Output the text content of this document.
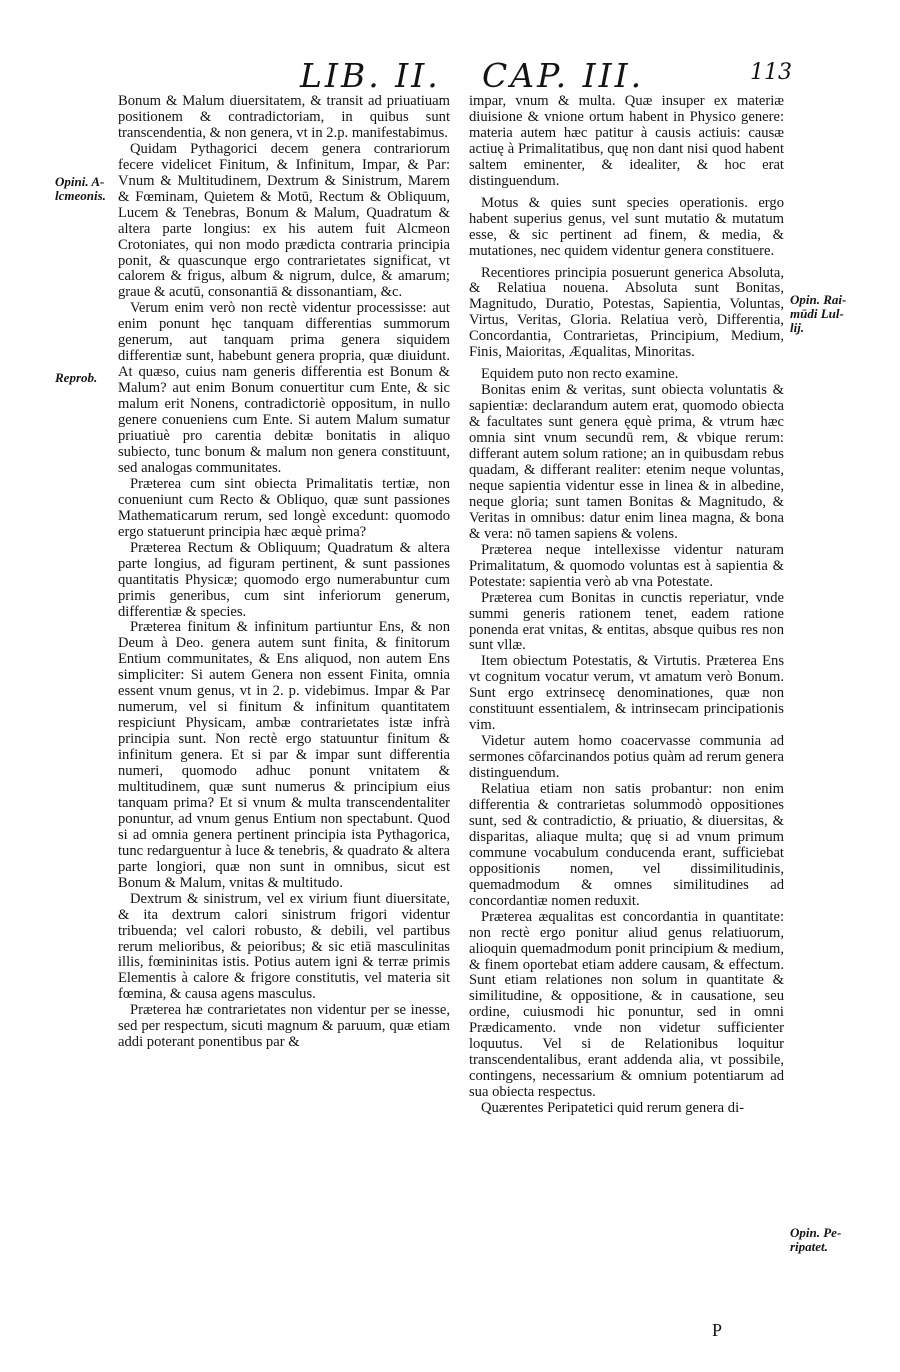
LIB. II. CAP. III.	113
Opini. A-
lcmeonis.
Reprob.
Opin. Rai-
mūdi Lul-
lij.
Opin. Pe-
ripatet.

Bonum & Malum diuersitatem, & transit ad priuatiuam positionem & contradictoriam, in quibus sunt transcendentia, & non genera, vt in 2.p. manifestabimus.

Quidam Pythagorici decem genera contrariorum fecere videlicet Finitum, & Infinitum, Impar, & Par: Vnum & Multitudinem, Dextrum & Sinistrum, Marem & Fœminam, Quietem & Motū, Rectum & Obliquum, Lucem & Tenebras, Bonum & Malum, Quadratum & altera parte longius: ex his autem fuit Alcmeon Crotoniates, qui non modo prædicta contraria principia ponit, & quascunque ergo contrarietates significat, vt calorem & frigus, album & nigrum, dulce, & amarum; graue & acutū, consonantiā & dissonantiam, &c.

Verum enim verò non rectè videntur processisse: aut enim ponunt hęc tanquam differentias summorum generum, aut tanquam prima genera siquidem differentiæ sunt, habebunt genera propria, quæ diuidunt. At quæso, cuius nam generis differentia est Bonum & Malum? aut enim Bonum conuertitur cum Ente, & sic malum erit Nonens, contradictoriè oppositum, in nullo genere conueniens cum Ente. Si autem Malum sumatur priuatiuè pro carentia debitæ bonitatis in aliquo subiecto, tunc bonum & malum non genera constituunt, sed analogas communitates.

Præterea cum sint obiecta Primalitatis tertiæ, non conueniunt cum Recto & Obliquo, quæ sunt passiones Mathematicarum rerum, sed longè excedunt: quomodo ergo statuerunt principia hæc æquè prima?

Præterea Rectum & Obliquum; Quadratum & altera parte longius, ad figuram pertinent, & sunt passiones quantitatis Physicæ; quomodo ergo numerabuntur cum primis generibus, cum sint inferiorum generum, differentiæ & species.

Præterea finitum & infinitum partiuntur Ens, & non Deum à Deo. genera autem sunt finita, & finitorum Entium communitates, & Ens aliquod, non autem Ens simpliciter: Si autem Genera non essent Finita, omnia essent vnum genus, vt in 2. p. videbimus. Impar & Par numerum, vel si finitum & infinitum quantitatem respiciunt Physicam, ambæ contrarietates istæ infrà principia sunt. Non rectè ergo statuuntur finitum & infinitum genera. Et si par & impar sunt differentia numeri, quomodo adhuc ponunt vnitatem & multitudinem, quæ sunt numerus & principium eius tanquam prima? Et si vnum & multa transcendentaliter ponuntur, ad vnum genus Entium non spectabunt. Quod si ad omnia genera pertinent principia ista Pythagorica, tunc redarguentur à luce & tenebris, & quadrato & altera parte longiori, quæ non sunt in omnibus, sicut est Bonum & Malum, vnitas & multitudo.

Dextrum & sinistrum, vel ex virium fiunt diuersitate, & ita dextrum calori sinistrum frigori videntur tribuenda; vel calori robusto, & debili, vel partibus rerum melioribus, & peioribus; & sic etiā masculinitas illis, fœmininitas istis. Potius autem igni & terræ primis Elementis à calore & frigore constitutis, vel materia sit fœmina, & causa agens masculus.

Præterea hæ contrarietates non videntur per se inesse, sed per respectum, sicuti magnum & paruum, quæ etiam addi poterant ponentibus par &

impar, vnum & multa. Quæ insuper ex materiæ diuisione & vnione ortum habent in Physico genere: materia autem hæc patitur à causis actiuis: causæ actiuę à Primalitatibus, quę non dant nisi quod habent saltem eminenter, & idealiter, & hoc erat distinguendum.

Motus & quies sunt species operationis. ergo habent superius genus, vel sunt mutatio & mutatum esse, & sic pertinent ad finem, & media, & mutationes, nec quidem videntur genera constituere.

Recentiores principia posuerunt generica Absoluta, & Relatiua nouena. Absoluta sunt Bonitas, Magnitudo, Duratio, Potestas, Sapientia, Voluntas, Virtus, Veritas, Gloria. Relatiua verò, Differentia, Concordantia, Contrarietas, Principium, Medium, Finis, Maioritas, Æqualitas, Minoritas.

Equidem puto non recto examine.

Bonitas enim & veritas, sunt obiecta voluntatis & sapientiæ: declarandum autem erat, quomodo obiecta & facultates sunt genera ęquè prima, & vtrum hæc omnia sint vnum secundū rem, & vbique rerum: differant autem solum ratione; an in quibusdam rebus quadam, & differant realiter: etenim neque voluntas, neque sapientia videntur esse in linea & in albedine, neque gloria; sunt tamen Bonitas & Magnitudo, & Veritas in omnibus: datur enim linea magna, & bona & vera: nō tamen sapiens & volens.

Præterea neque intellexisse videntur naturam Primalitatum, & quomodo voluntas est à sapientia & Potestate: sapientia verò ab vna Potestate.

Præterea cum Bonitas in cunctis reperiatur, vnde summi generis rationem tenet, eadem ratione ponenda erat vnitas, & entitas, absque quibus res non sunt vllæ.

Item obiectum Potestatis, & Virtutis. Præterea Ens vt cognitum vocatur verum, vt amatum verò Bonum. Sunt ergo extrinsecę denominationes, quæ non constituunt essentialem, & intrinsecam principationis vim.

Videtur autem homo coacervasse communia ad sermones cōfarcinandos potius quàm ad rerum genera distinguendum.

Relatiua etiam non satis probantur: non enim differentia & contrarietas solummodò oppositiones sunt, sed & contradictio, & priuatio, & diuersitas, & disparitas, aliaque multa; quę si ad vnum primum commune vocabulum conducenda erant, sufficiebat oppositionis nomen, vel dissimilitudinis, quemadmodum & omnes similitudines ad concordantiæ nomen reduxit.

Præterea æqualitas est concordantia in quantitate: non rectè ergo ponitur aliud genus relatiuorum, alioquin quemadmodum ponit principium & medium, & finem oportebat etiam addere causam, & effectum. Sunt etiam relationes non solum in quantitate & similitudine, & oppositione, & in causatione, seu ordine, cuiusmodi hic ponuntur, sed in omni Prædicamento. vnde non videtur sufficienter loquutus. Vel si de Relationibus loquitur transcendentalibus, erant addenda alia, vt possibile, contingens, necessarium & omnium potentiarum ad sua obiecta respectus.

Quærentes Peripatetici quid rerum genera di-

P
